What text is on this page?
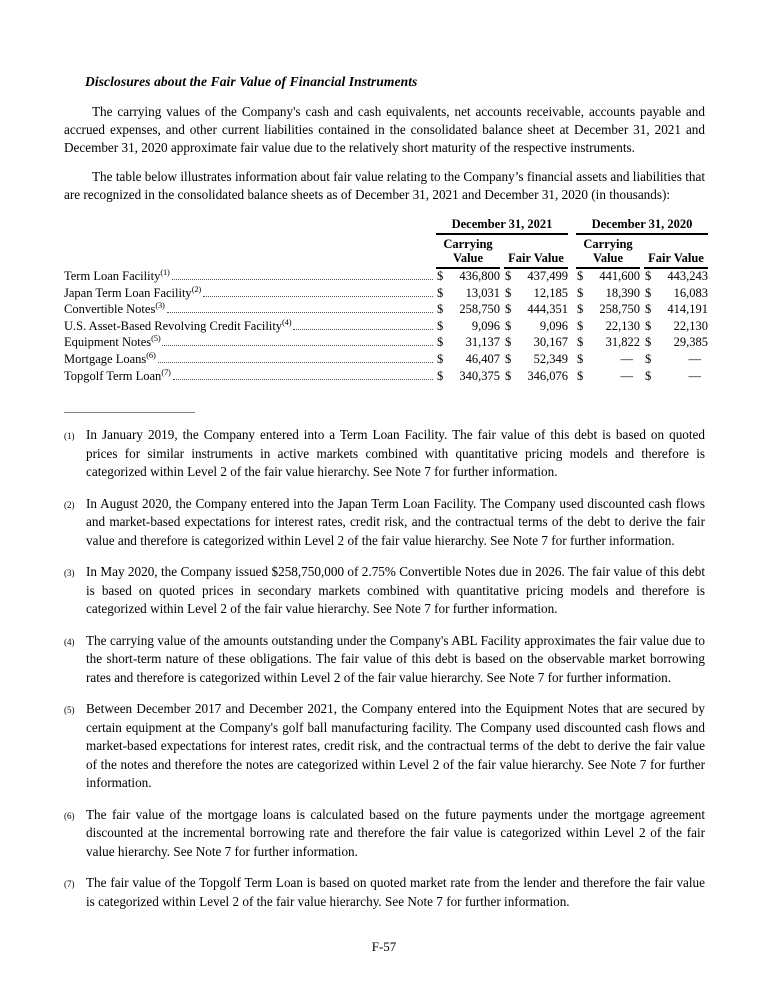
Disclosures about the Fair Value of Financial Instruments

The carrying values of the Company's cash and cash equivalents, net accounts receivable, accounts payable and accrued expenses, and other current liabilities contained in the consolidated balance sheet at December 31, 2021 and December 31, 2020 approximate fair value due to the relatively short maturity of the respective instruments.

The table below illustrates information about fair value relating to the Company’s financial assets and liabilities that are recognized in the consolidated balance sheets as of December 31, 2021 and December 31, 2020 (in thousands):

December 31, 2021	December 31, 2020
Carrying Value	Fair Value
Carrying Value	Fair Value
Term Loan Facility$^{(1)}$	$ 436,800 $ 437,499 $ 441,600 $ 443,243
Japan Term Loan Facility$^{(2)}$	$ 13,031 $ 12,185 $ 18,390 $ 16,083
Convertible Notes$^{(3)}$	$ 258,750 $ 444,351 $ 258,750 $ 414,191
U.S. Asset-Based Revolving Credit Facility$^{(4)}$	$ 9,096 $ 9,096 $ 22,130 $ 22,130
Equipment Notes$^{(5)}$	$ 31,137 $ 30,167 $ 31,822 $ 29,385
Mortgage Loans$^{(6)}$	$ 46,407 $ 52,349 $	— $	—
Topgolf Term Loan$^{(7)}$	$ 340,375 $ 346,076 $	— $	—
(1) In January 2019, the Company entered into a Term Loan Facility. The fair value of this debt is based on quoted prices for similar instruments in active markets combined with quantitative pricing models and therefore is categorized within Level 2 of the fair value hierarchy. See Note 7 for further information.
(2) In August 2020, the Company entered into the Japan Term Loan Facility. The Company used discounted cash flows and market-based expectations for interest rates, credit risk, and the contractual terms of the debt to derive the fair value and therefore is categorized within Level 2 of the fair value hierarchy. See Note 7 for further information.
(3) In May 2020, the Company issued $258,750,000 of 2.75% Convertible Notes due in 2026. The fair value of this debt is based on quoted prices in secondary markets combined with quantitative pricing models and therefore is categorized within Level 2 of the fair value hierarchy. See Note 7 for further information.
(4) The carrying value of the amounts outstanding under the Company's ABL Facility approximates the fair value due to the short-term nature of these obligations. The fair value of this debt is based on the observable market borrowing rates and therefore is categorized within Level 2 of the fair value hierarchy. See Note 7 for further information.
(5) Between December 2017 and December 2021, the Company entered into the Equipment Notes that are secured by certain equipment at the Company's golf ball manufacturing facility. The Company used discounted cash flows and market-based expectations for interest rates, credit risk, and the contractual terms of the debt to derive the fair value of the notes and therefore the notes are categorized within Level 2 of the fair value hierarchy. See Note 7 for further information.
(6) The fair value of the mortgage loans is calculated based on the future payments under the mortgage agreement discounted at the incremental borrowing rate and therefore the fair value is categorized within Level 2 of the fair value hierarchy. See Note 7 for further information.
(7) The fair value of the Topgolf Term Loan is based on quoted market rate from the lender and therefore the fair value is categorized within Level 2 of the fair value hierarchy. See Note 7 for further information.
F-57
